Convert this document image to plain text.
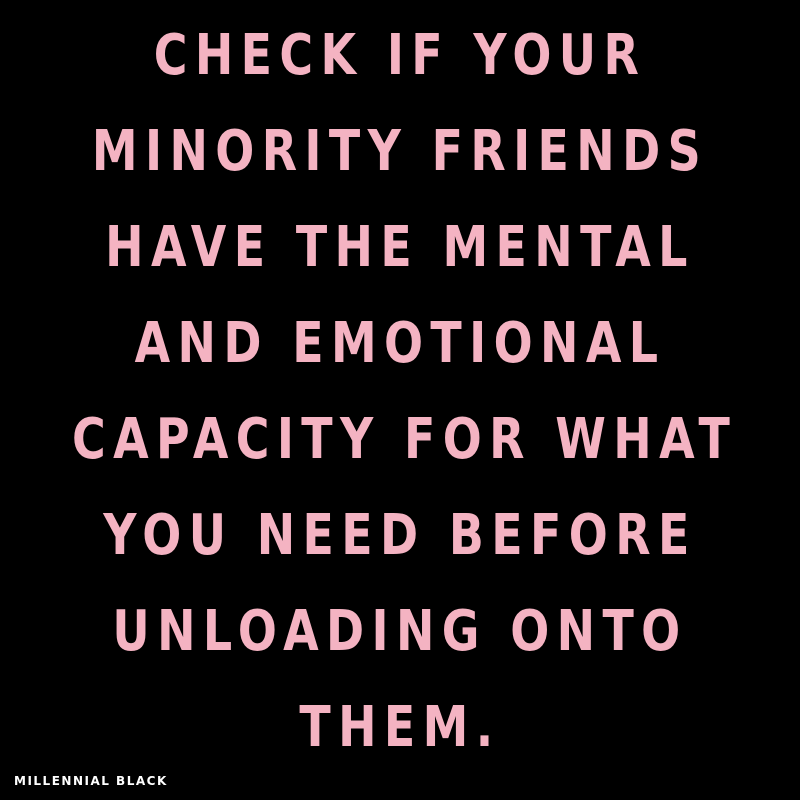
CHECK IF YOUR
MINORITY FRIENDS
HAVE THE MENTAL
AND EMOTIONAL
CAPACITY FOR WHAT
YOU NEED BEFORE
UNLOADING ONTO
THEM.
MILLENNIAL BLACK
